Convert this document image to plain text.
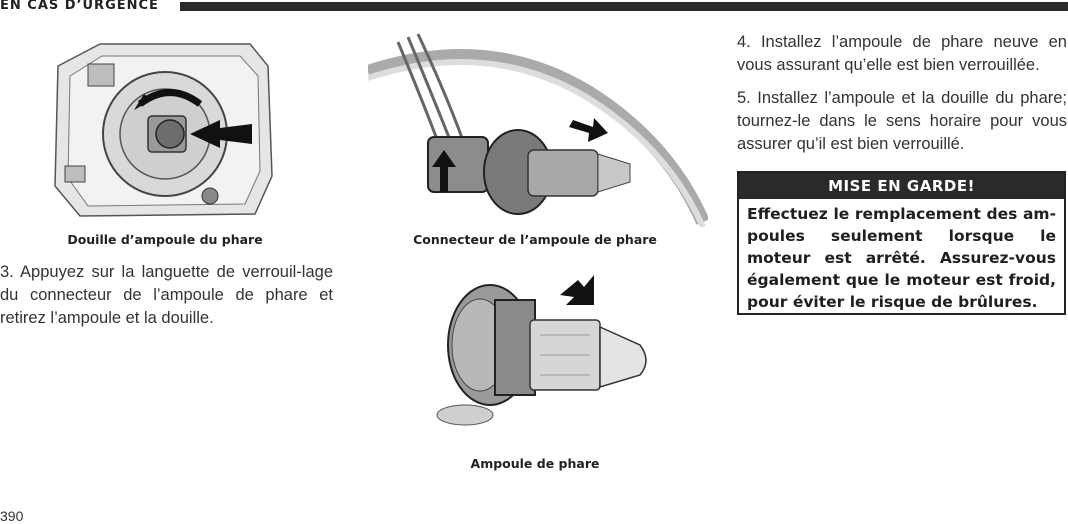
EN CAS D’URGENCE
Douille d’ampoule du phare	Connecteur de l’ampoule de phare
Ampoule de phare

3. Appuyez sur la languette de verrouil-lage du connecteur de l’ampoule de phare et retirez l’ampoule et la douille.

4. Installez l’ampoule de phare neuve en vous assurant qu’elle est bien verrouillée.

5. Installez l’ampoule et la douille du phare; tournez-le dans le sens horaire pour vous assurer qu’il est bien verrouillé.

MISE EN GARDE!
Effectuez le remplacement des am-poules seulement lorsque le moteur est arrêté. Assurez-vous également que le moteur est froid, pour éviter le risque de brûlures.
390
